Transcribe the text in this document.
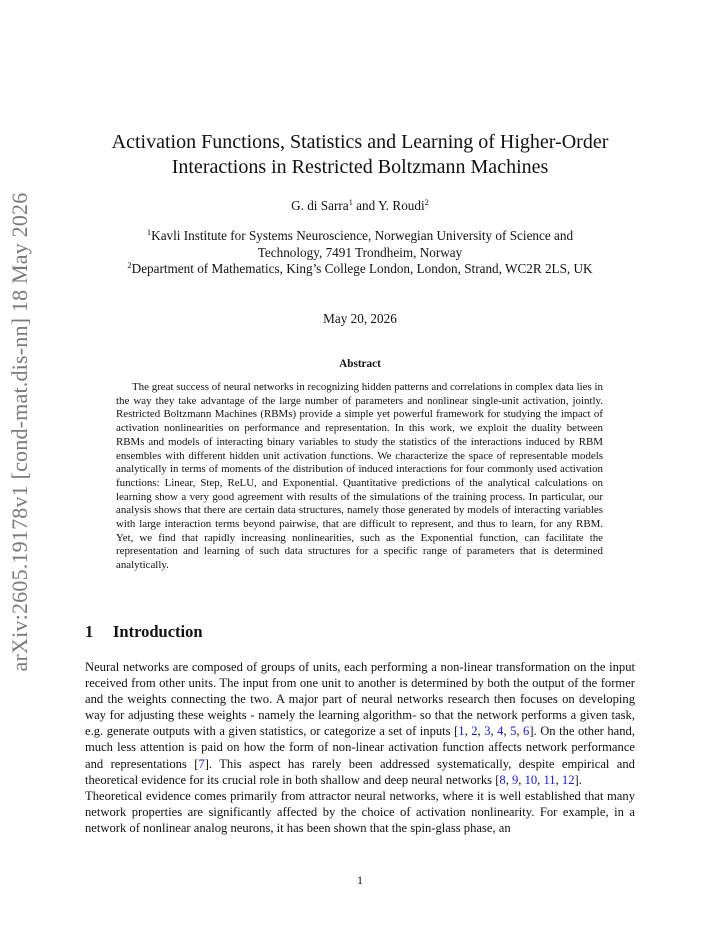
arXiv:2605.19178v1 [cond-mat.dis-nn] 18 May 2026
Activation Functions, Statistics and Learning of Higher-Order
Interactions in Restricted Boltzmann Machines
G. di Sarra$^1$ and Y. Roudi$^2$
$^1$Kavli Institute for Systems Neuroscience, Norwegian University of Science and
Technology, 7491 Trondheim, Norway
$^2$Department of Mathematics, King’s College London, London, Strand, WC2R 2LS, UK
May 20, 2026
Abstract
The great success of neural networks in recognizing hidden patterns and correlations in complex data lies in the way they take advantage of the large number of parameters and nonlinear single-unit activation, jointly. Restricted Boltzmann Machines (RBMs) provide a simple yet powerful framework for studying the impact of activation nonlinearities on performance and representation. In this work, we exploit the duality between RBMs and models of interacting binary variables to study the statistics of the interactions induced by RBM ensembles with different hidden unit activation functions. We characterize the space of representable models analytically in terms of moments of the distribution of induced interactions for four commonly used activation functions: Linear, Step, ReLU, and Exponential. Quantitative predictions of the analytical calculations on learning show a very good agreement with results of the simulations of the training process. In particular, our analysis shows that there are certain data structures, namely those generated by models of interacting variables with large interaction terms beyond pairwise, that are difficult to represent, and thus to learn, for any RBM. Yet, we find that rapidly increasing nonlinearities, such as the Exponential function, can facilitate the representation and learning of such data structures for a specific range of parameters that is determined analytically.
1 Introduction

Neural networks are composed of groups of units, each performing a non-linear transformation on the input received from other units. The input from one unit to another is determined by both the output of the former and the weights connecting the two. A major part of neural networks research then focuses on developing way for adjusting these weights - namely the learning algorithm- so that the network performs a given task, e.g. generate outputs with a given statistics, or categorize a set of inputs [1, 2, 3, 4, 5, 6]. On the other hand, much less attention is paid on how the form of non-linear activation function affects network performance and representations [7]. This aspect has rarely been addressed systematically, despite empirical and theoretical evidence for its crucial role in both shallow and deep neural networks [8, 9, 10, 11, 12].

Theoretical evidence comes primarily from attractor neural networks, where it is well established that many network properties are significantly affected by the choice of activation nonlinearity. For example, in a network of nonlinear analog neurons, it has been shown that the spin-glass phase, an

1
